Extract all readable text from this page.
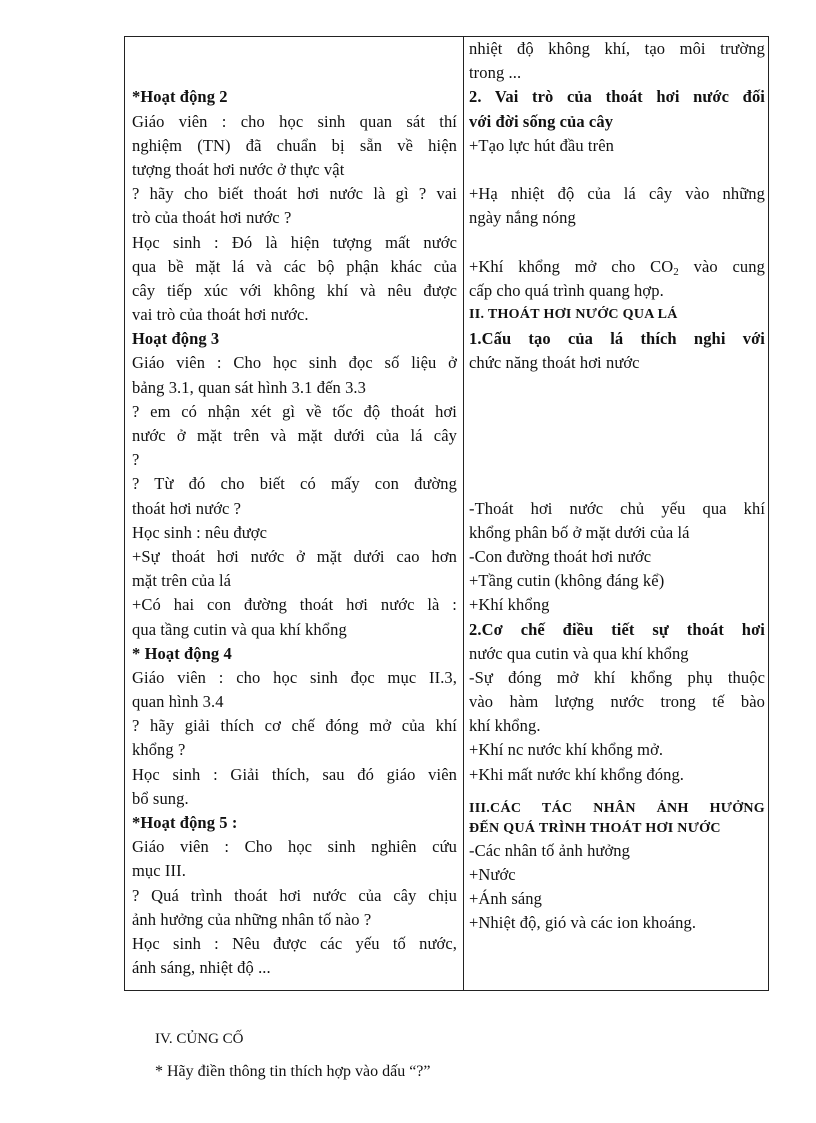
*Hoạt động 2
Giáo viên : cho học sinh quan sát thí
nghiệm (TN) đã chuẩn bị sẵn về hiện
tượng thoát hơi nước ở thực vật
? hãy cho biết thoát hơi nước là gì ? vai
trò của thoát hơi nước ?
Học sinh : Đó là hiện tượng mất nước
qua bề mặt lá và các bộ phận khác của
cây tiếp xúc với không khí và nêu được
vai trò của thoát hơi nước.
Hoạt động 3
Giáo viên : Cho học sinh đọc số liệu ở
bảng 3.1, quan sát hình 3.1 đến 3.3
? em có nhận xét gì về tốc độ thoát hơi
nước ở mặt trên và mặt dưới của lá cây
?
? Từ đó cho biết có mấy con đường
thoát hơi nước ?
Học sinh : nêu được
+Sự thoát hơi nước ở mặt dưới cao hơn
mặt trên của lá
+Có hai con đường thoát hơi nước là :
qua tầng cutin và qua khí khổng
* Hoạt động 4
Giáo viên : cho học sinh đọc mục II.3,
quan hình 3.4
? hãy giải thích cơ chế đóng mở của khí
khổng ?
Học sinh : Giải thích, sau đó giáo viên
bổ sung.
*Hoạt động 5 :
Giáo viên : Cho học sinh nghiên cứu
mục III.
? Quá trình thoát hơi nước của cây chịu
ảnh hưởng của những nhân tố nào ?
Học sinh : Nêu được các yếu tố nước,
ánh sáng, nhiệt độ ...
nhiệt độ không khí, tạo môi trường
trong ...
2. Vai trò của thoát hơi nước đối
với đời sống của cây
+Tạo lực hút đầu trên
+Hạ nhiệt độ của lá cây vào những
ngày nắng nóng
+Khí khổng mở cho $CO_2$ vào cung
cấp cho quá trình quang hợp.
II. THOÁT HƠI NƯỚC QUA LÁ
1.Cấu tạo của lá thích nghi với
chức năng thoát hơi nước
-Thoát hơi nước chủ yếu qua khí
khổng phân bố ở mặt dưới của lá
-Con đường thoát hơi nước
+Tầng cutin (không đáng kể)
+Khí khổng
2.Cơ chế điều tiết sự thoát hơi
nước qua cutin và qua khí khổng
-Sự đóng mở khí khổng phụ thuộc
vào hàm lượng nước trong tế bào
khí khổng.
+Khí nc nước khí khổng mở.
+Khi mất nước khí khổng đóng.
III.CÁC TÁC NHÂN ẢNH HƯỞNG
ĐẾN QUÁ TRÌNH THOÁT HƠI NƯỚC
-Các nhân tố ảnh hưởng
+Nước
+Ánh sáng
+Nhiệt độ, gió và các ion khoáng.
IV. CỦNG CỐ
* Hãy điền thông tin thích hợp vào dấu “?”
